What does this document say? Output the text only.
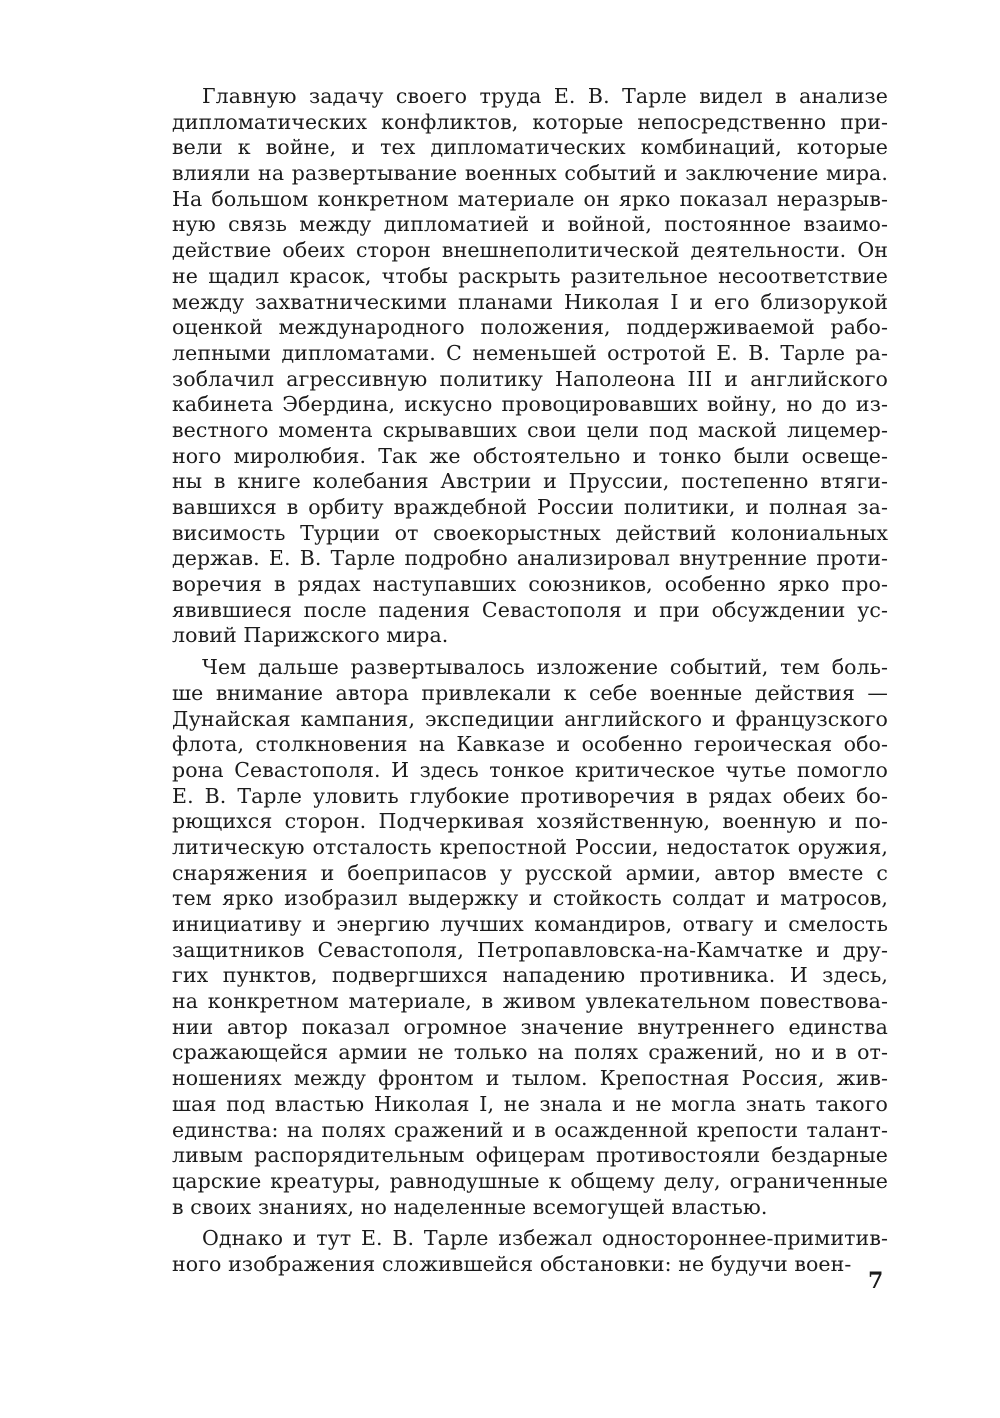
Главную задачу своего труда Е. В. Тарле видел в анализе
дипломатических конфликтов, которые непосредственно при-
вели к войне, и тех дипломатических комбинаций, которые
влияли на развертывание военных событий и заключение мира.
На большом конкретном материале он ярко показал неразрыв-
ную связь между дипломатией и войной, постоянное взаимо-
действие обеих сторон внешнеполитической деятельности. Он
не щадил красок, чтобы раскрыть разительное несоответствие
между захватническими планами Николая I и его близорукой
оценкой международного положения, поддерживаемой рабо-
лепными дипломатами. С неменьшей остротой Е. В. Тарле ра-
зоблачил агрессивную политику Наполеона III и английского
кабинета Эбердина, искусно провоцировавших войну, но до из-
вестного момента скрывавших свои цели под маской лицемер-
ного миролюбия. Так же обстоятельно и тонко были освеще-
ны в книге колебания Австрии и Пруссии, постепенно втяги-
вавшихся в орбиту враждебной России политики, и полная за-
висимость Турции от своекорыстных действий колониальных
держав. Е. В. Тарле подробно анализировал внутренние проти-
воречия в рядах наступавших союзников, особенно ярко про-
явившиеся после падения Севастополя и при обсуждении ус-
ловий Парижского мира.
Чем дальше развертывалось изложение событий, тем боль-
ше внимание автора привлекали к себе военные действия —
Дунайская кампания, экспедиции английского и французского
флота, столкновения на Кавказе и особенно героическая обо-
рона Севастополя. И здесь тонкое критическое чутье помогло
Е. В. Тарле уловить глубокие противоречия в рядах обеих бо-
рющихся сторон. Подчеркивая хозяйственную, военную и по-
литическую отсталость крепостной России, недостаток оружия,
снаряжения и боеприпасов у русской армии, автор вместе с
тем ярко изобразил выдержку и стойкость солдат и матросов,
инициативу и энергию лучших командиров, отвагу и смелость
защитников Севастополя, Петропавловска-на-Камчатке и дру-
гих пунктов, подвергшихся нападению противника. И здесь,
на конкретном материале, в живом увлекательном повествова-
нии автор показал огромное значение внутреннего единства
сражающейся армии не только на полях сражений, но и в от-
ношениях между фронтом и тылом. Крепостная Россия, жив-
шая под властью Николая I, не знала и не могла знать такого
единства: на полях сражений и в осажденной крепости талант-
ливым распорядительным офицерам противостояли бездарные
царские креатуры, равнодушные к общему делу, ограниченные
в своих знаниях, но наделенные всемогущей властью.
Однако и тут Е. В. Тарле избежал одностороннее-примитив-
ного изображения сложившейся обстановки: не будучи воен-
7
